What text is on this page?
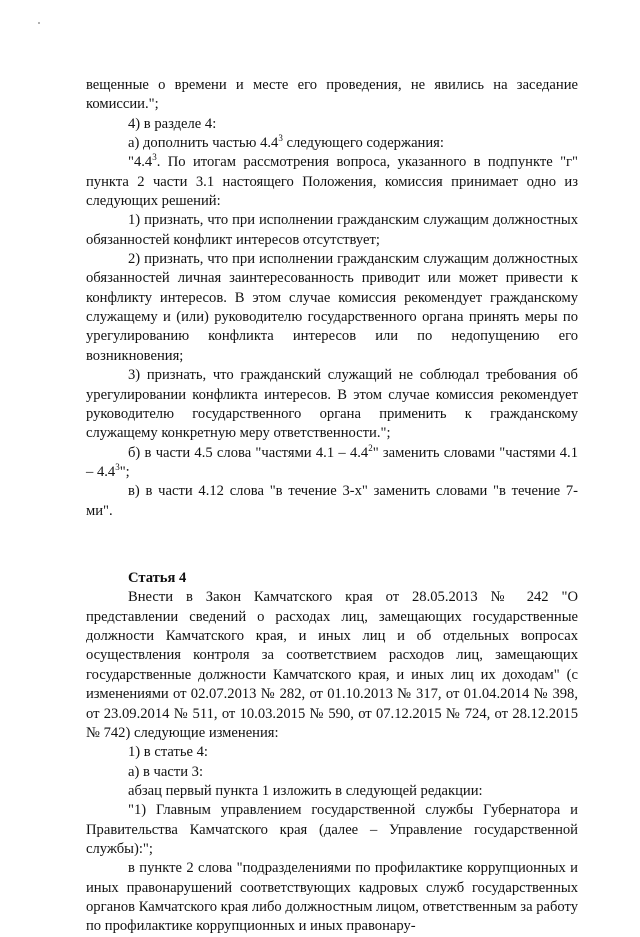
вещенные о времени и месте его проведения, не явились на заседание комиссии.";

4) в разделе 4:

а) дополнить частью $4.4^3$ следующего содержания:

"$4.4^3$. По итогам рассмотрения вопроса, указанного в подпункте "г" пункта 2 части 3.1 настоящего Положения, комиссия принимает одно из следующих решений:

1) признать, что при исполнении гражданским служащим должностных обязанностей конфликт интересов отсутствует;

2) признать, что при исполнении гражданским служащим должностных обязанностей личная заинтересованность приводит или может привести к конфликту интересов. В этом случае комиссия рекомендует гражданскому служащему и (или) руководителю государственного органа принять меры по урегулированию конфликта интересов или по недопущению его возникновения;

3) признать, что гражданский служащий не соблюдал требования об урегулировании конфликта интересов. В этом случае комиссия рекомендует руководителю государственного органа применить к гражданскому служащему конкретную меру ответственности.";

б) в части 4.5 слова "частями $4.1 - 4.4^2$" заменить словами "частями $4.1 - 4.4^3$";

в) в части 4.12 слова "в течение 3-х" заменить словами "в течение 7-ми".

Статья 4

Внести в Закон Камчатского края от 28.05.2013 № 242 "О представлении сведений о расходах лиц, замещающих государственные должности Камчатского края, и иных лиц и об отдельных вопросах осуществления контроля за соответствием расходов лиц, замещающих государственные должности Камчатского края, и иных лиц их доходам" (с изменениями от 02.07.2013 № 282, от 01.10.2013 № 317, от 01.04.2014 № 398, от 23.09.2014 № 511, от 10.03.2015 № 590, от 07.12.2015 № 724, от 28.12.2015 № 742) следующие изменения:

1) в статье 4:

а) в части 3:

абзац первый пункта 1 изложить в следующей редакции:

"1) Главным управлением государственной службы Губернатора и Правительства Камчатского края (далее – Управление государственной службы):";

в пункте 2 слова "подразделениями по профилактике коррупционных и иных правонарушений соответствующих кадровых служб государственных органов Камчатского края либо должностным лицом, ответственным за работу по профилактике коррупционных и иных правонару-
